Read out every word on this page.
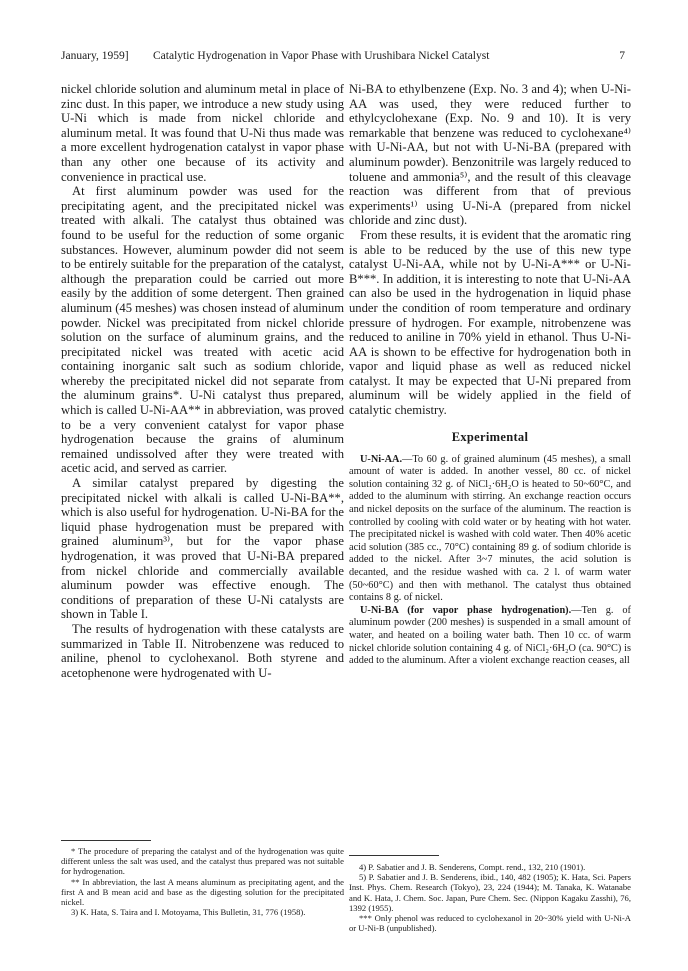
January, 1959] Catalytic Hydrogenation in Vapor Phase with Urushibara Nickel Catalyst	7

nickel chloride solution and aluminum metal in place of zinc dust. In this paper, we introduce a new study using U-Ni which is made from nickel chloride and aluminum metal. It was found that U-Ni thus made was a more excellent hydrogenation catalyst in vapor phase than any other one because of its activity and convenience in practical use.

At first aluminum powder was used for the precipitating agent, and the precipitated nickel was treated with alkali. The catalyst thus obtained was found to be useful for the reduction of some organic substances. However, aluminum powder did not seem to be entirely suitable for the preparation of the catalyst, although the preparation could be carried out more easily by the addition of some detergent. Then grained aluminum (45 meshes) was chosen instead of aluminum powder. Nickel was precipitated from nickel chloride solution on the surface of aluminum grains, and the precipitated nickel was treated with acetic acid containing inorganic salt such as sodium chloride, whereby the precipitated nickel did not separate from the aluminum grains*. U-Ni catalyst thus prepared, which is called U-Ni-AA** in abbreviation, was proved to be a very convenient catalyst for vapor phase hydrogenation because the grains of aluminum remained undissolved after they were treated with acetic acid, and served as carrier.

A similar catalyst prepared by digesting the precipitated nickel with alkali is called U-Ni-BA**, which is also useful for hydrogenation. U-Ni-BA for the liquid phase hydrogenation must be prepared with grained aluminum³⁾, but for the vapor phase hydrogenation, it was proved that U-Ni-BA prepared from nickel chloride and commercially available aluminum powder was effective enough. The conditions of preparation of these U-Ni catalysts are shown in Table I.

The results of hydrogenation with these catalysts are summarized in Table II. Nitrobenzene was reduced to aniline, phenol to cyclohexanol. Both styrene and acetophenone were hydrogenated with U-

* The procedure of preparing the catalyst and of the hydrogenation was quite different unless the salt was used, and the catalyst thus prepared was not suitable for hydrogenation.

** In abbreviation, the last A means aluminum as precipitating agent, and the first A and B mean acid and base as the digesting solution for the precipitated nickel.

3) K. Hata, S. Taira and I. Motoyama, This Bulletin, 31, 776 (1958).

Ni-BA to ethylbenzene (Exp. No. 3 and 4); when U-Ni-AA was used, they were reduced further to ethylcyclohexane (Exp. No. 9 and 10). It is very remarkable that benzene was reduced to cyclohexane⁴⁾ with U-Ni-AA, but not with U-Ni-BA (prepared with aluminum powder). Benzonitrile was largely reduced to toluene and ammonia⁵⁾, and the result of this cleavage reaction was different from that of previous experiments¹⁾ using U-Ni-A (prepared from nickel chloride and zinc dust).

From these results, it is evident that the aromatic ring is able to be reduced by the use of this new type catalyst U-Ni-AA, while not by U-Ni-A*** or U-Ni-B***. In addition, it is interesting to note that U-Ni-AA can also be used in the hydrogenation in liquid phase under the condition of room temperature and ordinary pressure of hydrogen. For example, nitrobenzene was reduced to aniline in 70% yield in ethanol. Thus U-Ni-AA is shown to be effective for hydrogenation both in vapor and liquid phase as well as reduced nickel catalyst. It may be expected that U-Ni prepared from aluminum will be widely applied in the field of catalytic chemistry.

Experimental

U-Ni-AA.—To 60 g. of grained aluminum (45 meshes), a small amount of water is added. In another vessel, 80 cc. of nickel solution containing 32 g. of NiCl₂·6H₂O is heated to 50~60°C, and added to the aluminum with stirring. An exchange reaction occurs and nickel deposits on the surface of the aluminum. The reaction is controlled by cooling with cold water or by heating with hot water. The precipitated nickel is washed with cold water. Then 40% acetic acid solution (385 cc., 70°C) containing 89 g. of sodium chloride is added to the nickel. After 3~7 minutes, the acid solution is decanted, and the residue washed with ca. 2 l. of warm water (50~60°C) and then with methanol. The catalyst thus obtained contains 8 g. of nickel.

U-Ni-BA (for vapor phase hydrogenation).—Ten g. of aluminum powder (200 meshes) is suspended in a small amount of water, and heated on a boiling water bath. Then 10 cc. of warm nickel chloride solution containing 4 g. of NiCl₂·6H₂O (ca. 90°C) is added to the aluminum. After a violent exchange reaction ceases, all

4) P. Sabatier and J. B. Senderens, Compt. rend., 132, 210 (1901).

5) P. Sabatier and J. B. Senderens, ibid., 140, 482 (1905); K. Hata, Sci. Papers Inst. Phys. Chem. Research (Tokyo), 23, 224 (1944); M. Tanaka, K. Watanabe and K. Hata, J. Chem. Soc. Japan, Pure Chem. Sec. (Nippon Kagaku Zasshi), 76, 1392 (1955).

*** Only phenol was reduced to cyclohexanol in 20~30% yield with U-Ni-A or U-Ni-B (unpublished).
